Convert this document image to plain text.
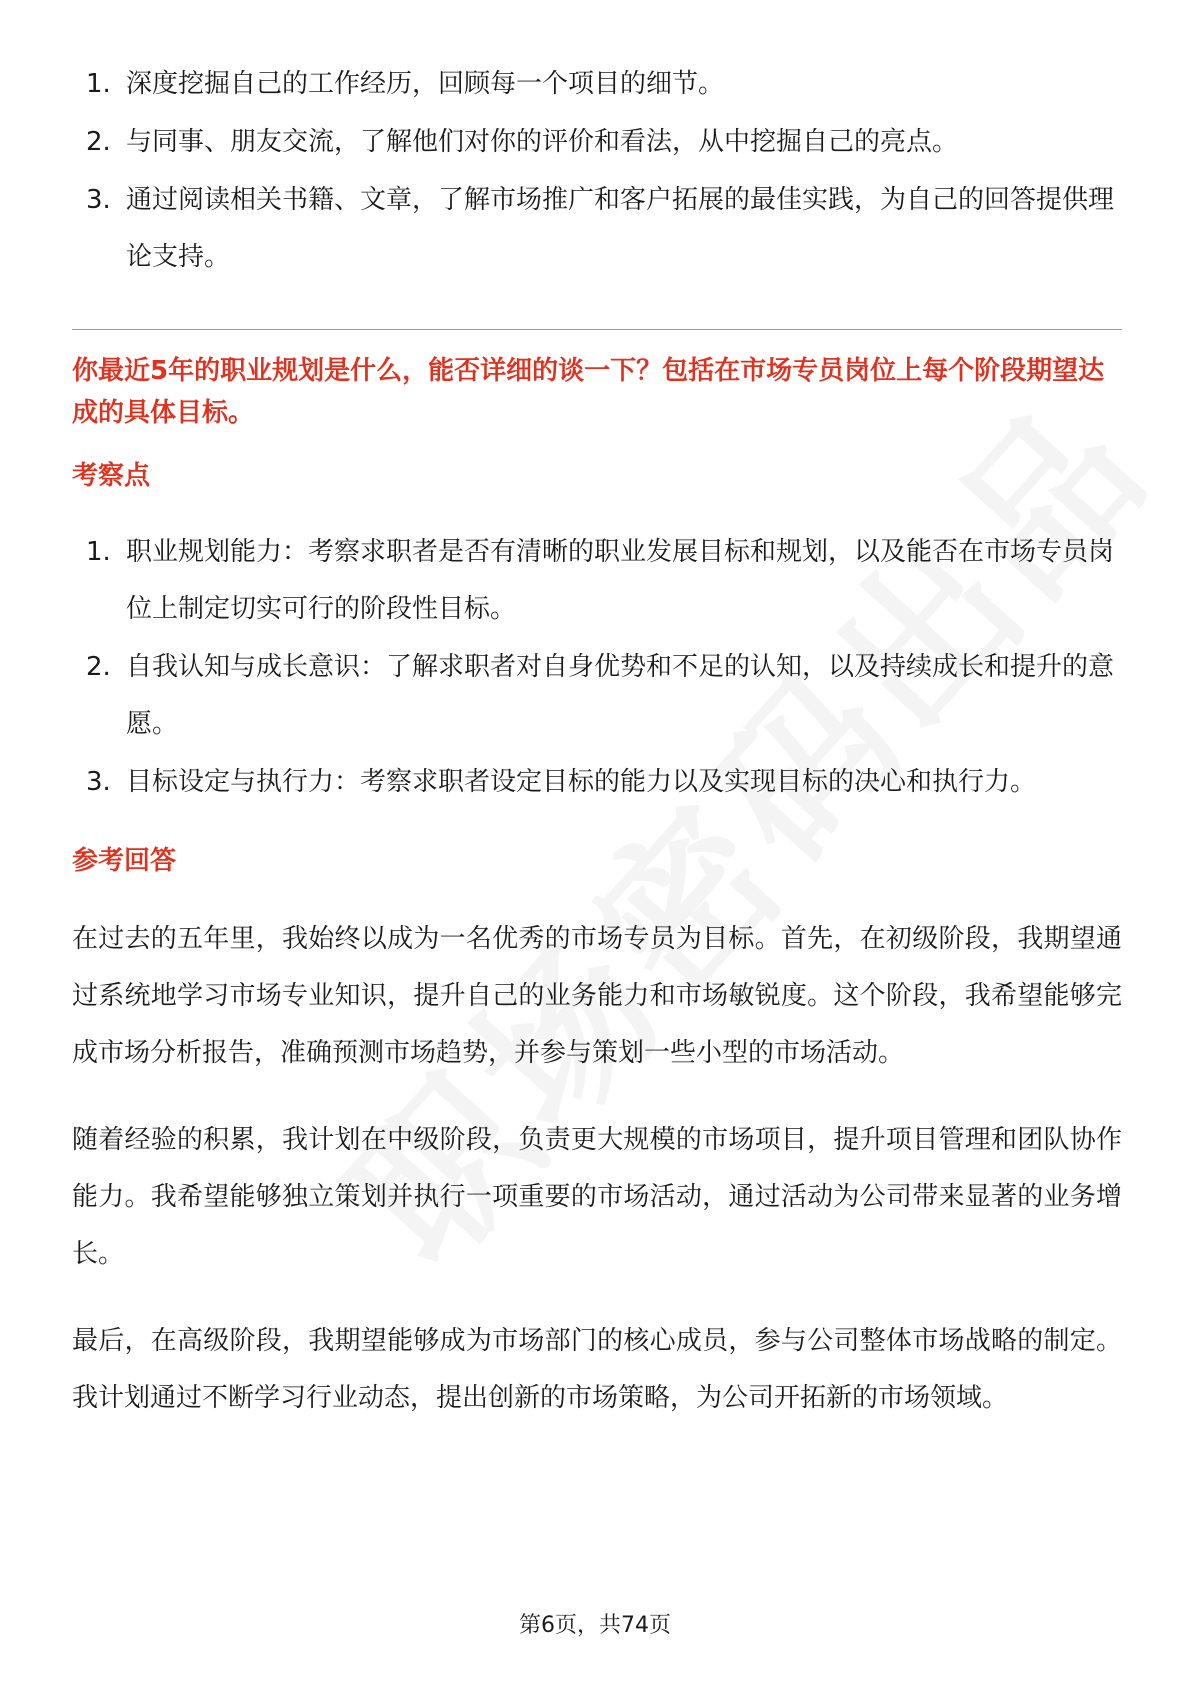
1. 深度挖掘自己的工作经历，回顾每一个项目的细节。
2. 与同事、朋友交流，了解他们对你的评价和看法，从中挖掘自己的亮点。
3. 通过阅读相关书籍、文章，了解市场推广和客户拓展的最佳实践，为自己的回答提供理论支持。

你最近5年的职业规划是什么，能否详细的谈一下？包括在市场专员岗位上每个阶段期望达成的具体目标。

考察点
1. 职业规划能力：考察求职者是否有清晰的职业发展目标和规划，以及能否在市场专员岗位上制定切实可行的阶段性目标。
2. 自我认知与成长意识：了解求职者对自身优势和不足的认知，以及持续成长和提升的意愿。
3. 目标设定与执行力：考察求职者设定目标的能力以及实现目标的决心和执行力。
参考回答

在过去的五年里，我始终以成为一名优秀的市场专员为目标。首先，在初级阶段，我期望通过系统地学习市场专业知识，提升自己的业务能力和市场敏锐度。这个阶段，我希望能够完成市场分析报告，准确预测市场趋势，并参与策划一些小型的市场活动。

随着经验的积累，我计划在中级阶段，负责更大规模的市场项目，提升项目管理和团队协作能力。我希望能够独立策划并执行一项重要的市场活动，通过活动为公司带来显著的业务增长。

最后，在高级阶段，我期望能够成为市场部门的核心成员，参与公司整体市场战略的制定。我计划通过不断学习行业动态，提出创新的市场策略，为公司开拓新的市场领域。

第6页，共74页
